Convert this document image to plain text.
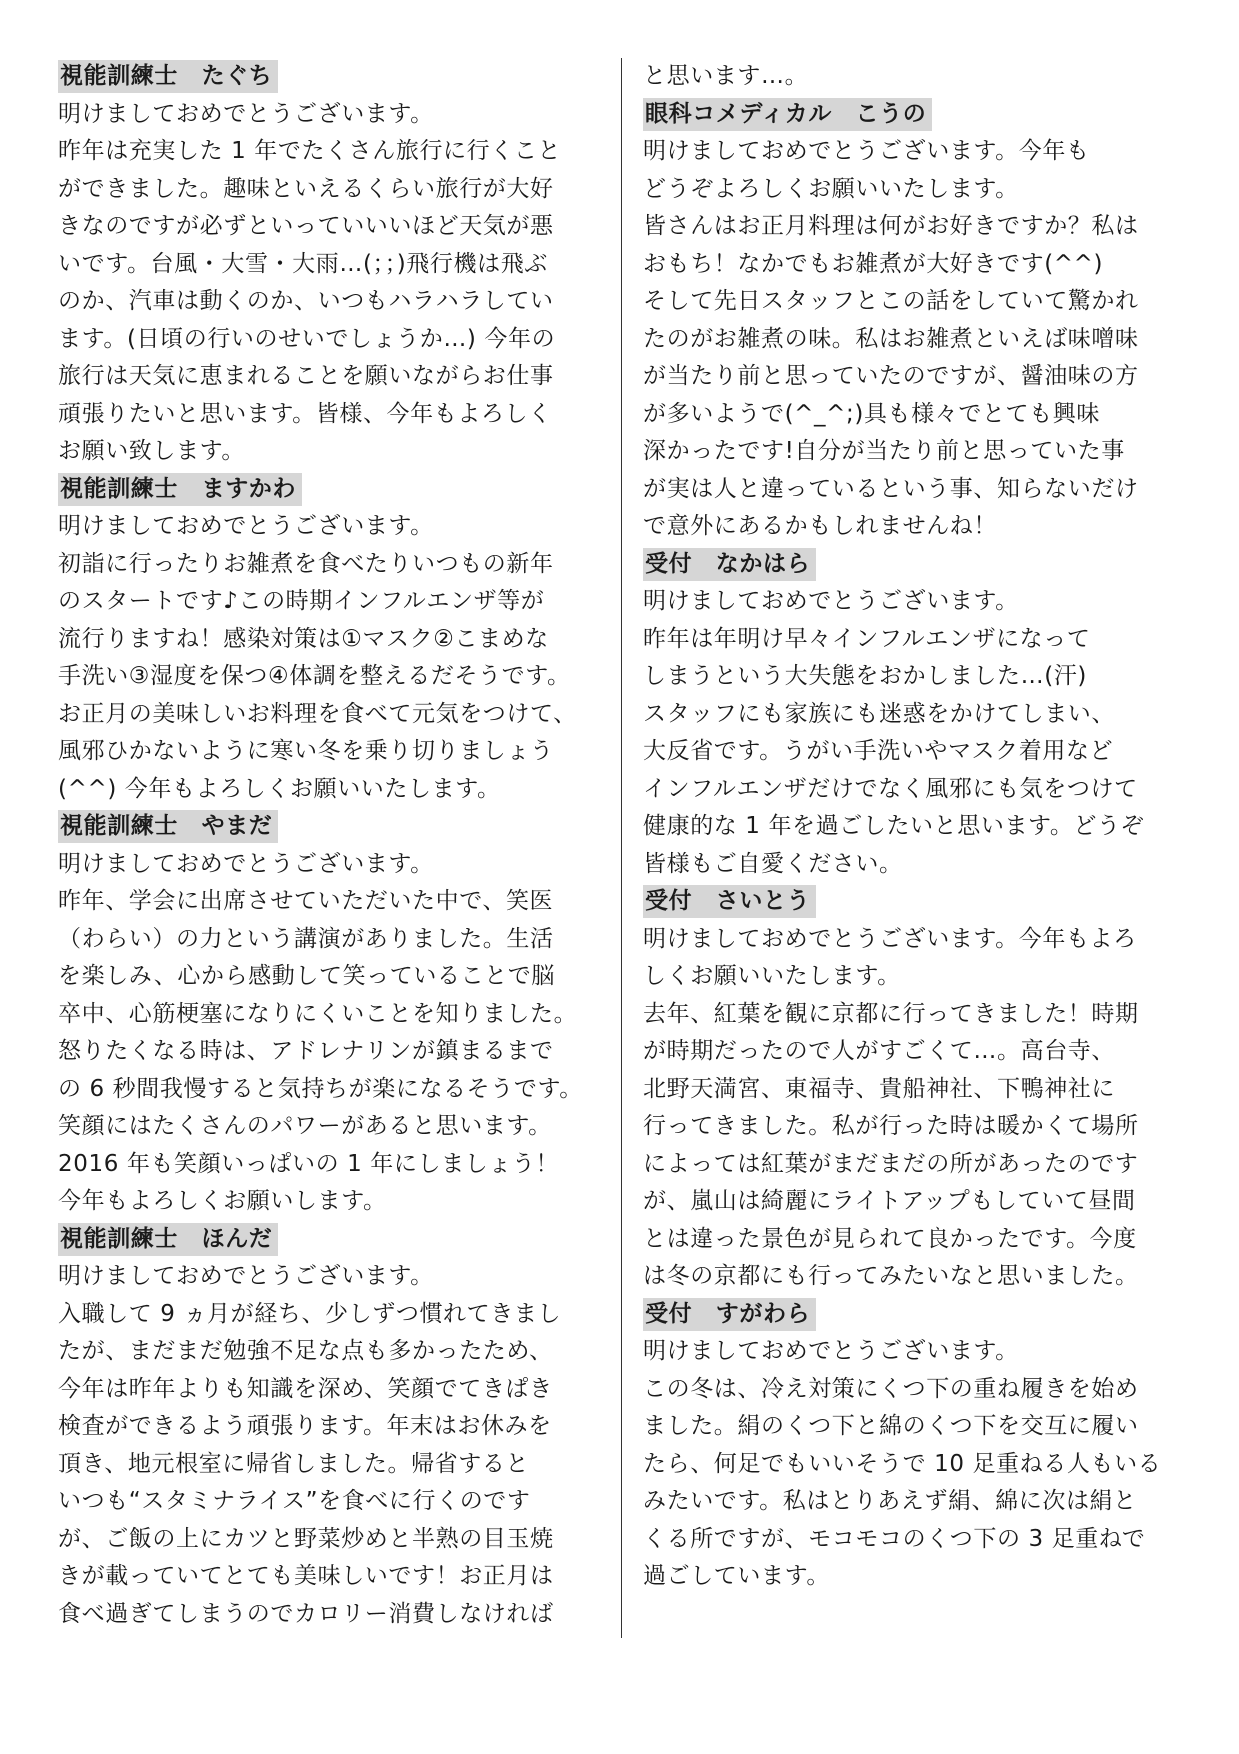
視能訓練士　たぐち
明けましておめでとうございます。
昨年は充実した 1 年でたくさん旅行に行くこと
ができました。趣味といえるくらい旅行が大好
きなのですが必ずといっていいいほど天気が悪
いです。台風・大雪・大雨…(；；)飛行機は飛ぶ
のか、汽車は動くのか、いつもハラハラしてい
ます。(日頃の行いのせいでしょうか…) 今年の
旅行は天気に恵まれることを願いながらお仕事
頑張りたいと思います。皆様、今年もよろしく
お願い致します。
視能訓練士　ますかわ
明けましておめでとうございます。
初詣に行ったりお雑煮を食べたりいつもの新年
のスタートです♪この時期インフルエンザ等が
流行りますね！感染対策は①マスク②こまめな
手洗い③湿度を保つ④体調を整えるだそうです。
お正月の美味しいお料理を食べて元気をつけて、
風邪ひかないように寒い冬を乗り切りましょう
(^^) 今年もよろしくお願いいたします。
視能訓練士　やまだ
明けましておめでとうございます。
昨年、学会に出席させていただいた中で、笑医
（わらい）の力という講演がありました。生活
を楽しみ、心から感動して笑っていることで脳
卒中、心筋梗塞になりにくいことを知りました。
怒りたくなる時は、アドレナリンが鎮まるまで
の 6 秒間我慢すると気持ちが楽になるそうです。
笑顔にはたくさんのパワーがあると思います。
2016 年も笑顔いっぱいの 1 年にしましょう！
今年もよろしくお願いします。
視能訓練士　ほんだ
明けましておめでとうございます。
入職して 9 ヵ月が経ち、少しずつ慣れてきまし
たが、まだまだ勉強不足な点も多かったため、
今年は昨年よりも知識を深め、笑顔でてきぱき
検査ができるよう頑張ります。年末はお休みを
頂き、地元根室に帰省しました。帰省すると
いつも“スタミナライス”を食べに行くのです
が、ご飯の上にカツと野菜炒めと半熟の目玉焼
きが載っていてとても美味しいです！お正月は
食べ過ぎてしまうのでカロリー消費しなければ
と思います…。
眼科コメディカル　こうの
明けましておめでとうございます。今年も
どうぞよろしくお願いいたします。
皆さんはお正月料理は何がお好きですか？私は
おもち！なかでもお雑煮が大好きです(^^)
そして先日スタッフとこの話をしていて驚かれ
たのがお雑煮の味。私はお雑煮といえば味噌味
が当たり前と思っていたのですが、醤油味の方
が多いようで(^_^;)具も様々でとても興味
深かったです!自分が当たり前と思っていた事
が実は人と違っているという事、知らないだけ
で意外にあるかもしれませんね！
受付　なかはら
明けましておめでとうございます。
昨年は年明け早々インフルエンザになって
しまうという大失態をおかしました…(汗)
スタッフにも家族にも迷惑をかけてしまい、
大反省です。うがい手洗いやマスク着用など
インフルエンザだけでなく風邪にも気をつけて
健康的な 1 年を過ごしたいと思います。どうぞ
皆様もご自愛ください。
受付　さいとう
明けましておめでとうございます。今年もよろ
しくお願いいたします。
去年、紅葉を観に京都に行ってきました！時期
が時期だったので人がすごくて…。高台寺、
北野天満宮、東福寺、貴船神社、下鴨神社に
行ってきました。私が行った時は暖かくて場所
によっては紅葉がまだまだの所があったのです
が、嵐山は綺麗にライトアップもしていて昼間
とは違った景色が見られて良かったです。今度
は冬の京都にも行ってみたいなと思いました。
受付　すがわら
明けましておめでとうございます。
この冬は、冷え対策にくつ下の重ね履きを始め
ました。絹のくつ下と綿のくつ下を交互に履い
たら、何足でもいいそうで 10 足重ねる人もいる
みたいです。私はとりあえず絹、綿に次は絹と
くる所ですが、モコモコのくつ下の 3 足重ねで
過ごしています。
